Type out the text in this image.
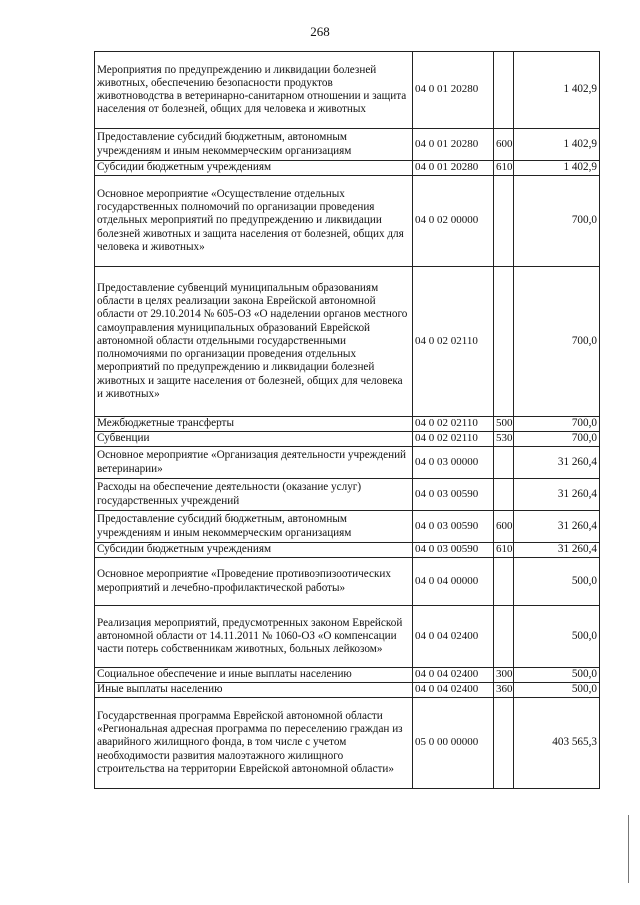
268
Мероприятия по предупреждению и ликвидации болезней животных, обеспечению безопасности продуктов животноводства в ветеринарно-санитарном отношении и защита населения от болезней, общих для человека и животных	04 0 01 20280		1 402,9
Предоставление субсидий бюджетным, автономным учреждениям и иным некоммерческим организациям	04 0 01 20280	600	1 402,9
Субсидии бюджетным учреждениям	04 0 01 20280	610	1 402,9
Основное мероприятие «Осуществление отдельных государственных полномочий по организации проведения отдельных мероприятий по предупреждению и ликвидации болезней животных и защита населения от болезней, общих для человека и животных»	04 0 02 00000		700,0
Предоставление субвенций муниципальным образованиям области в целях реализации закона Еврейской автономной области от 29.10.2014 № 605-ОЗ «О наделении органов местного самоуправления муниципальных образований Еврейской автономной области отдельными государственными полномочиями по организации проведения отдельных мероприятий по предупреждению и ликвидации болезней животных и защите населения от болезней, общих для человека и животных»	04 0 02 02110		700,0
Межбюджетные трансферты	04 0 02 02110	500	700,0
Субвенции	04 0 02 02110	530	700,0
Основное мероприятие «Организация деятельности учреждений ветеринарии»	04 0 03 00000		31 260,4
Расходы на обеспечение деятельности (оказание услуг) государственных учреждений	04 0 03 00590		31 260,4
Предоставление субсидий бюджетным, автономным учреждениям и иным некоммерческим организациям	04 0 03 00590	600	31 260,4
Субсидии бюджетным учреждениям	04 0 03 00590	610	31 260,4
Основное мероприятие «Проведение противоэпизоотических мероприятий и лечебно-профилактической работы»	04 0 04 00000		500,0
Реализация мероприятий, предусмотренных законом Еврейской автономной области от 14.11.2011 № 1060-ОЗ «О компенсации части потерь собственникам животных, больных лейкозом»	04 0 04 02400		500,0
Социальное обеспечение и иные выплаты населению	04 0 04 02400	300	500,0
Иные выплаты населению	04 0 04 02400	360	500,0
Государственная программа Еврейской автономной области «Региональная адресная программа по переселению граждан из аварийного жилищного фонда, в том числе с учетом необходимости развития малоэтажного жилищного строительства на территории Еврейской автономной области»	05 0 00 00000		403 565,3
